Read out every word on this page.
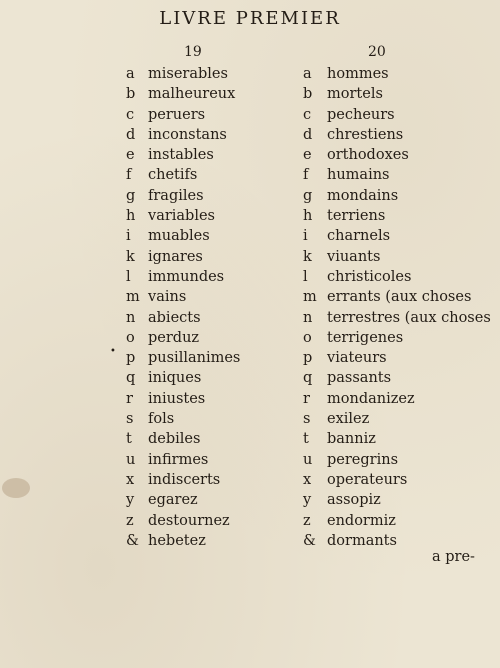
LIVRE PREMIER
19	20
a miserables
b malheureux
c peruers
d inconstans
e instables
f chetifs
g fragiles
h variables
i muables
k ignares
l immundes
m vains
n abiects
o perduz
p pusillanimes
q iniques
r iniustes
s fols
t debiles
u infirmes
x indiscerts
y egarez
z destournez
& hebetez
a hommes
b mortels
c pecheurs
d chrestiens
e orthodoxes
f humains
g mondains
h terriens
i charnels
k viuants
l christicoles
m errants (aux choses
n terrestres (aux choses
o terrigenes
p viateurs
q passants
r mondanizez
s exilez
t banniz
u peregrins
x operateurs
y assopiz
z endormiz
& dormants
•
a pre-
